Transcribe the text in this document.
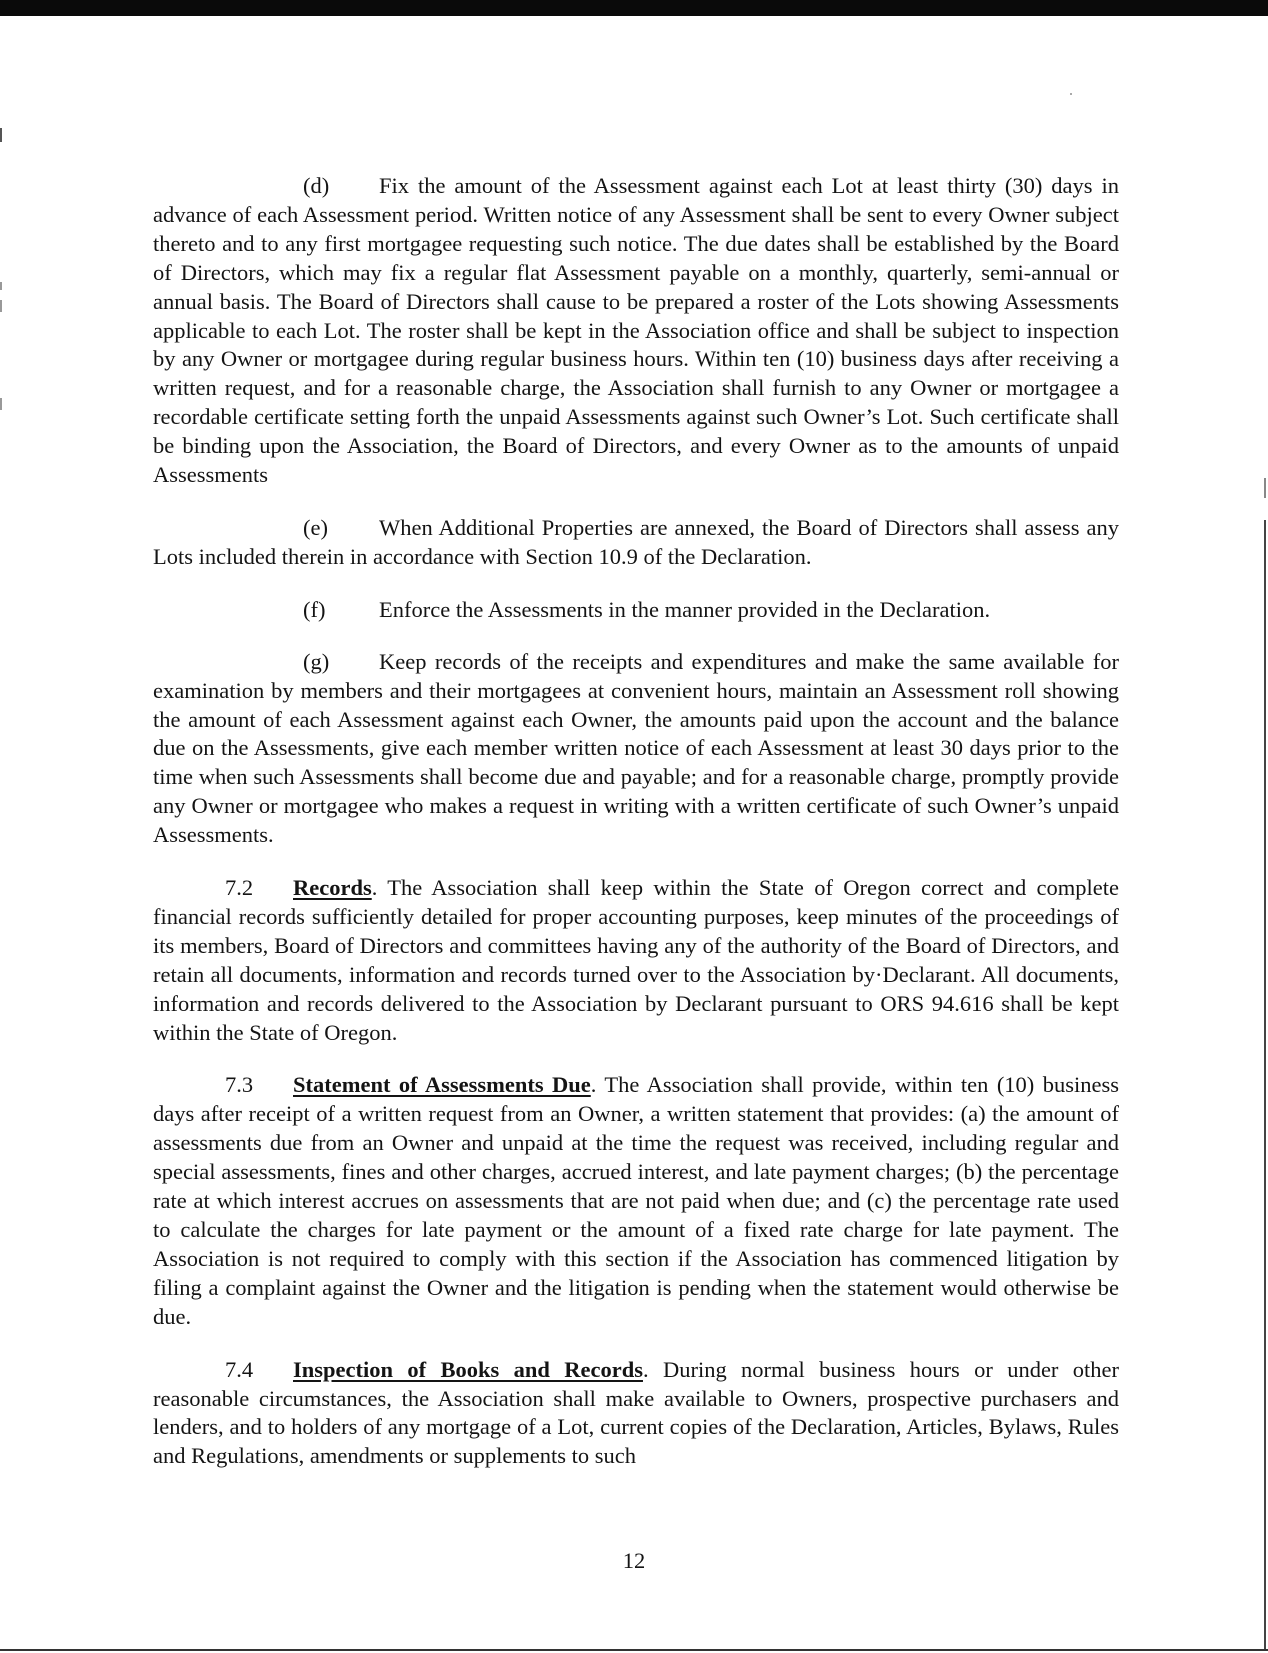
(d) Fix the amount of the Assessment against each Lot at least thirty (30) days in advance of each Assessment period. Written notice of any Assessment shall be sent to every Owner subject thereto and to any first mortgagee requesting such notice. The due dates shall be established by the Board of Directors, which may fix a regular flat Assessment payable on a monthly, quarterly, semi-annual or annual basis. The Board of Directors shall cause to be prepared a roster of the Lots showing Assessments applicable to each Lot. The roster shall be kept in the Association office and shall be subject to inspection by any Owner or mortgagee during regular business hours. Within ten (10) business days after receiving a written request, and for a reasonable charge, the Association shall furnish to any Owner or mortgagee a recordable certificate setting forth the unpaid Assessments against such Owner’s Lot. Such certificate shall be binding upon the Association, the Board of Directors, and every Owner as to the amounts of unpaid Assessments

(e) When Additional Properties are annexed, the Board of Directors shall assess any Lots included therein in accordance with Section 10.9 of the Declaration.

(f) Enforce the Assessments in the manner provided in the Declaration.

(g) Keep records of the receipts and expenditures and make the same available for examination by members and their mortgagees at convenient hours, maintain an Assessment roll showing the amount of each Assessment against each Owner, the amounts paid upon the account and the balance due on the Assessments, give each member written notice of each Assessment at least 30 days prior to the time when such Assessments shall become due and payable; and for a reasonable charge, promptly provide any Owner or mortgagee who makes a request in writing with a written certificate of such Owner’s unpaid Assessments.

7.2 Records. The Association shall keep within the State of Oregon correct and complete financial records sufficiently detailed for proper accounting purposes, keep minutes of the proceedings of its members, Board of Directors and committees having any of the authority of the Board of Directors, and retain all documents, information and records turned over to the Association by·Declarant. All documents, information and records delivered to the Association by Declarant pursuant to ORS 94.616 shall be kept within the State of Oregon.

7.3 Statement of Assessments Due. The Association shall provide, within ten (10) business days after receipt of a written request from an Owner, a written statement that provides: (a) the amount of assessments due from an Owner and unpaid at the time the request was received, including regular and special assessments, fines and other charges, accrued interest, and late payment charges; (b) the percentage rate at which interest accrues on assessments that are not paid when due; and (c) the percentage rate used to calculate the charges for late payment or the amount of a fixed rate charge for late payment. The Association is not required to comply with this section if the Association has commenced litigation by filing a complaint against the Owner and the litigation is pending when the statement would otherwise be due.

7.4 Inspection of Books and Records. During normal business hours or under other reasonable circumstances, the Association shall make available to Owners, prospective purchasers and lenders, and to holders of any mortgage of a Lot, current copies of the Declaration, Articles, Bylaws, Rules and Regulations, amendments or supplements to such

12
